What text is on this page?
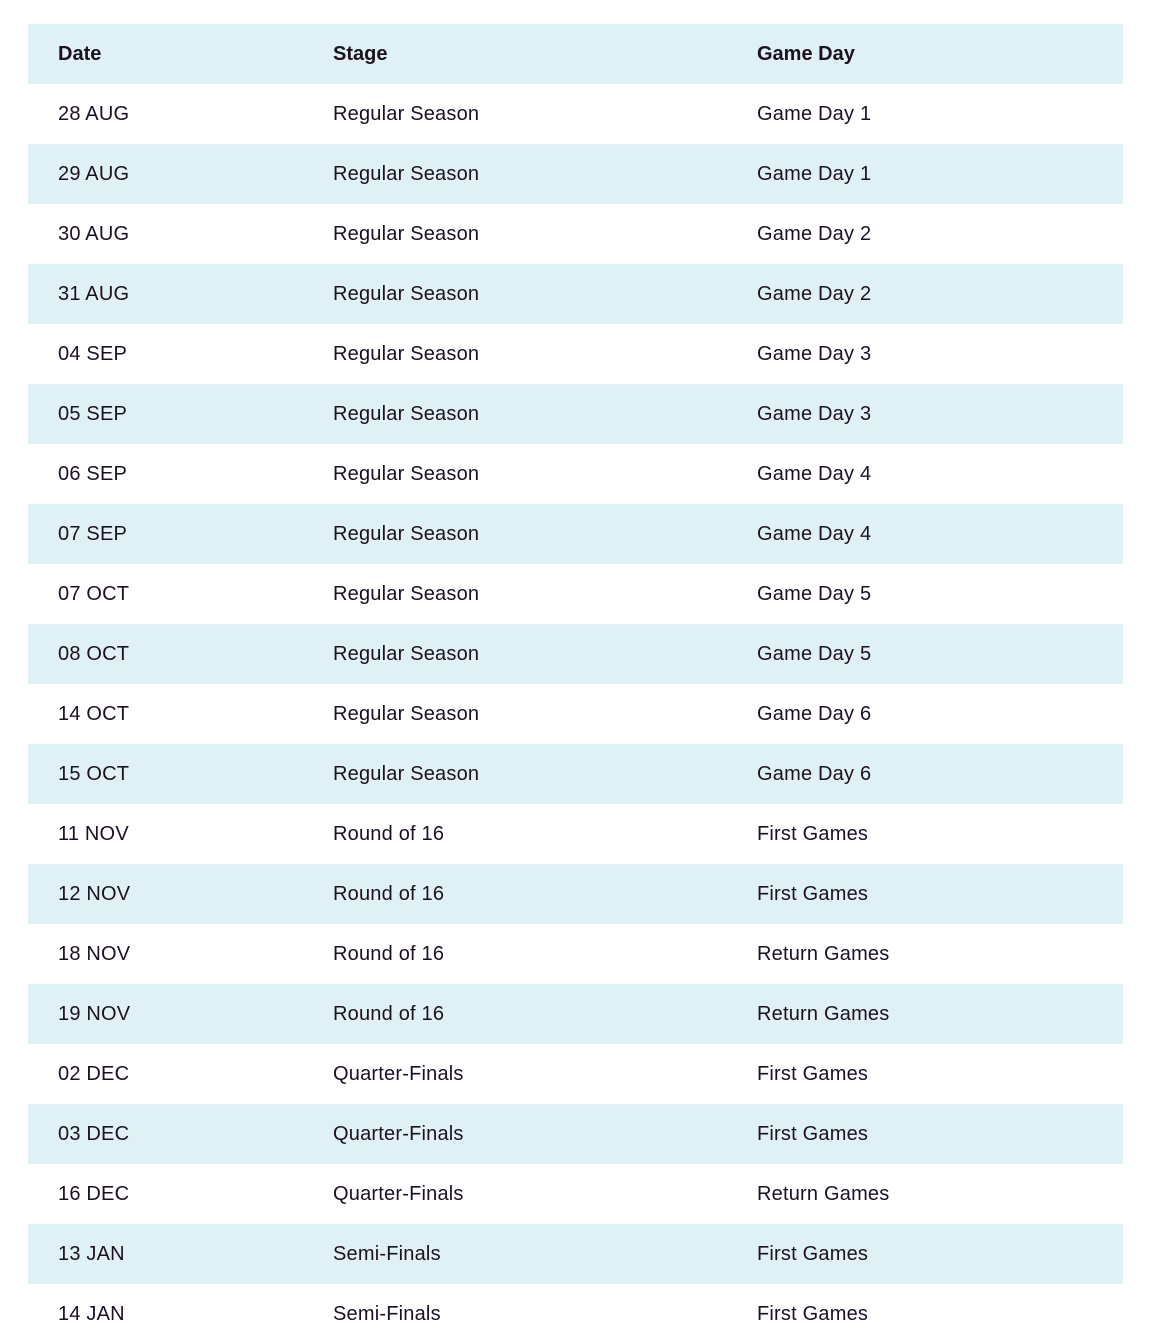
Date	Stage	Game Day
28 AUG	Regular Season	Game Day 1
29 AUG	Regular Season	Game Day 1
30 AUG	Regular Season	Game Day 2
31 AUG	Regular Season	Game Day 2
04 SEP	Regular Season	Game Day 3
05 SEP	Regular Season	Game Day 3
06 SEP	Regular Season	Game Day 4
07 SEP	Regular Season	Game Day 4
07 OCT	Regular Season	Game Day 5
08 OCT	Regular Season	Game Day 5
14 OCT	Regular Season	Game Day 6
15 OCT	Regular Season	Game Day 6
11 NOV	Round of 16	First Games
12 NOV	Round of 16	First Games
18 NOV	Round of 16	Return Games
19 NOV	Round of 16	Return Games
02 DEC	Quarter-Finals	First Games
03 DEC	Quarter-Finals	First Games
16 DEC	Quarter-Finals	Return Games
13 JAN	Semi-Finals	First Games
14 JAN	Semi-Finals	First Games
